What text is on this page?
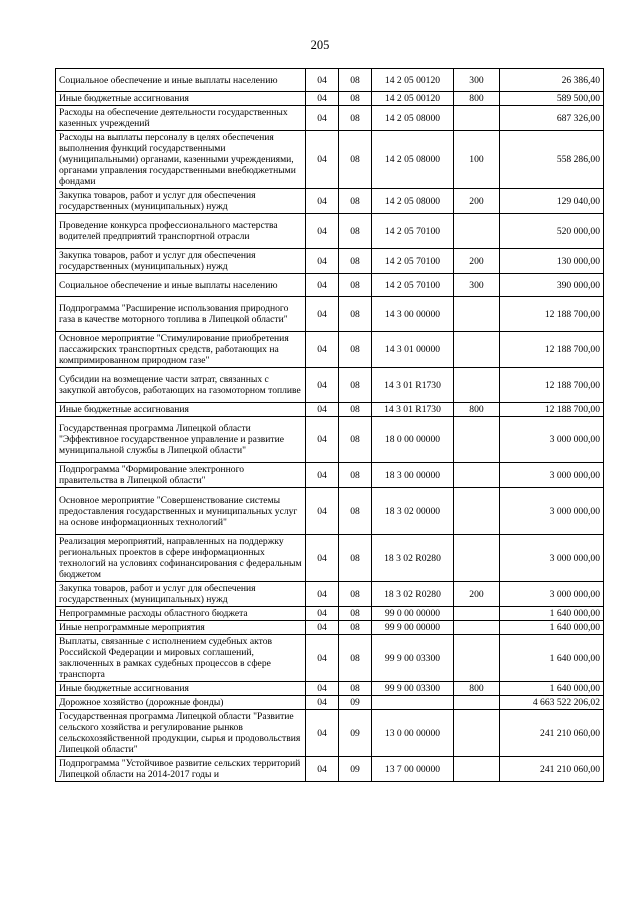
205
Социальное обеспечение и иные выплаты населению	04	08	14 2 05 00120	300	26 386,40
Иные бюджетные ассигнования	04	08	14 2 05 00120	800	589 500,00
Расходы на обеспечение деятельности государственных казенных учреждений	04	08	14 2 05 08000		687 326,00
Расходы на выплаты персоналу в целях обеспечения выполнения функций государственными (муниципальными) органами, казенными учреждениями, органами управления государственными внебюджетными фондами	04	08	14 2 05 08000	100	558 286,00
Закупка товаров, работ и услуг для обеспечения государственных (муниципальных) нужд	04	08	14 2 05 08000	200	129 040,00
Проведение конкурса профессионального мастерства водителей предприятий транспортной отрасли	04	08	14 2 05 70100		520 000,00
Закупка товаров, работ и услуг для обеспечения государственных (муниципальных) нужд	04	08	14 2 05 70100	200	130 000,00
Социальное обеспечение и иные выплаты населению	04	08	14 2 05 70100	300	390 000,00
Подпрограмма "Расширение использования природного газа в качестве моторного топлива в Липецкой области"	04	08	14 3 00 00000		12 188 700,00
Основное мероприятие "Стимулирование приобретения пассажирских транспортных средств, работающих на компримированном природном газе"	04	08	14 3 01 00000		12 188 700,00
Субсидии на возмещение части затрат, связанных с закупкой автобусов, работающих на газомоторном топливе	04	08	14 3 01 R1730		12 188 700,00
Иные бюджетные ассигнования	04	08	14 3 01 R1730	800	12 188 700,00
Государственная программа Липецкой области "Эффективное государственное управление и развитие муниципальной службы в Липецкой области"	04	08	18 0 00 00000		3 000 000,00
Подпрограмма "Формирование электронного правительства в Липецкой области"	04	08	18 3 00 00000		3 000 000,00
Основное мероприятие "Совершенствование системы предоставления государственных и муниципальных услуг на основе информационных технологий"	04	08	18 3 02 00000		3 000 000,00
Реализация мероприятий, направленных на поддержку региональных проектов в сфере информационных технологий на условиях софинансирования с федеральным бюджетом	04	08	18 3 02 R0280		3 000 000,00
Закупка товаров, работ и услуг для обеспечения государственных (муниципальных) нужд	04	08	18 3 02 R0280	200	3 000 000,00
Непрограммные расходы областного бюджета	04	08	99 0 00 00000		1 640 000,00
Иные непрограммные мероприятия	04	08	99 9 00 00000		1 640 000,00
Выплаты, связанные с исполнением судебных актов Российской Федерации и мировых соглашений, заключенных в рамках судебных процессов в сфере транспорта	04	08	99 9 00 03300		1 640 000,00
Иные бюджетные ассигнования	04	08	99 9 00 03300	800	1 640 000,00
Дорожное хозяйство (дорожные фонды)	04	09			4 663 522 206,02
Государственная программа Липецкой области "Развитие сельского хозяйства и регулирование рынков сельскохозяйственной продукции, сырья и продовольствия Липецкой области"	04	09	13 0 00 00000		241 210 060,00
Подпрограмма "Устойчивое развитие сельских территорий Липецкой области на 2014-2017 годы и	04	09	13 7 00 00000		241 210 060,00
